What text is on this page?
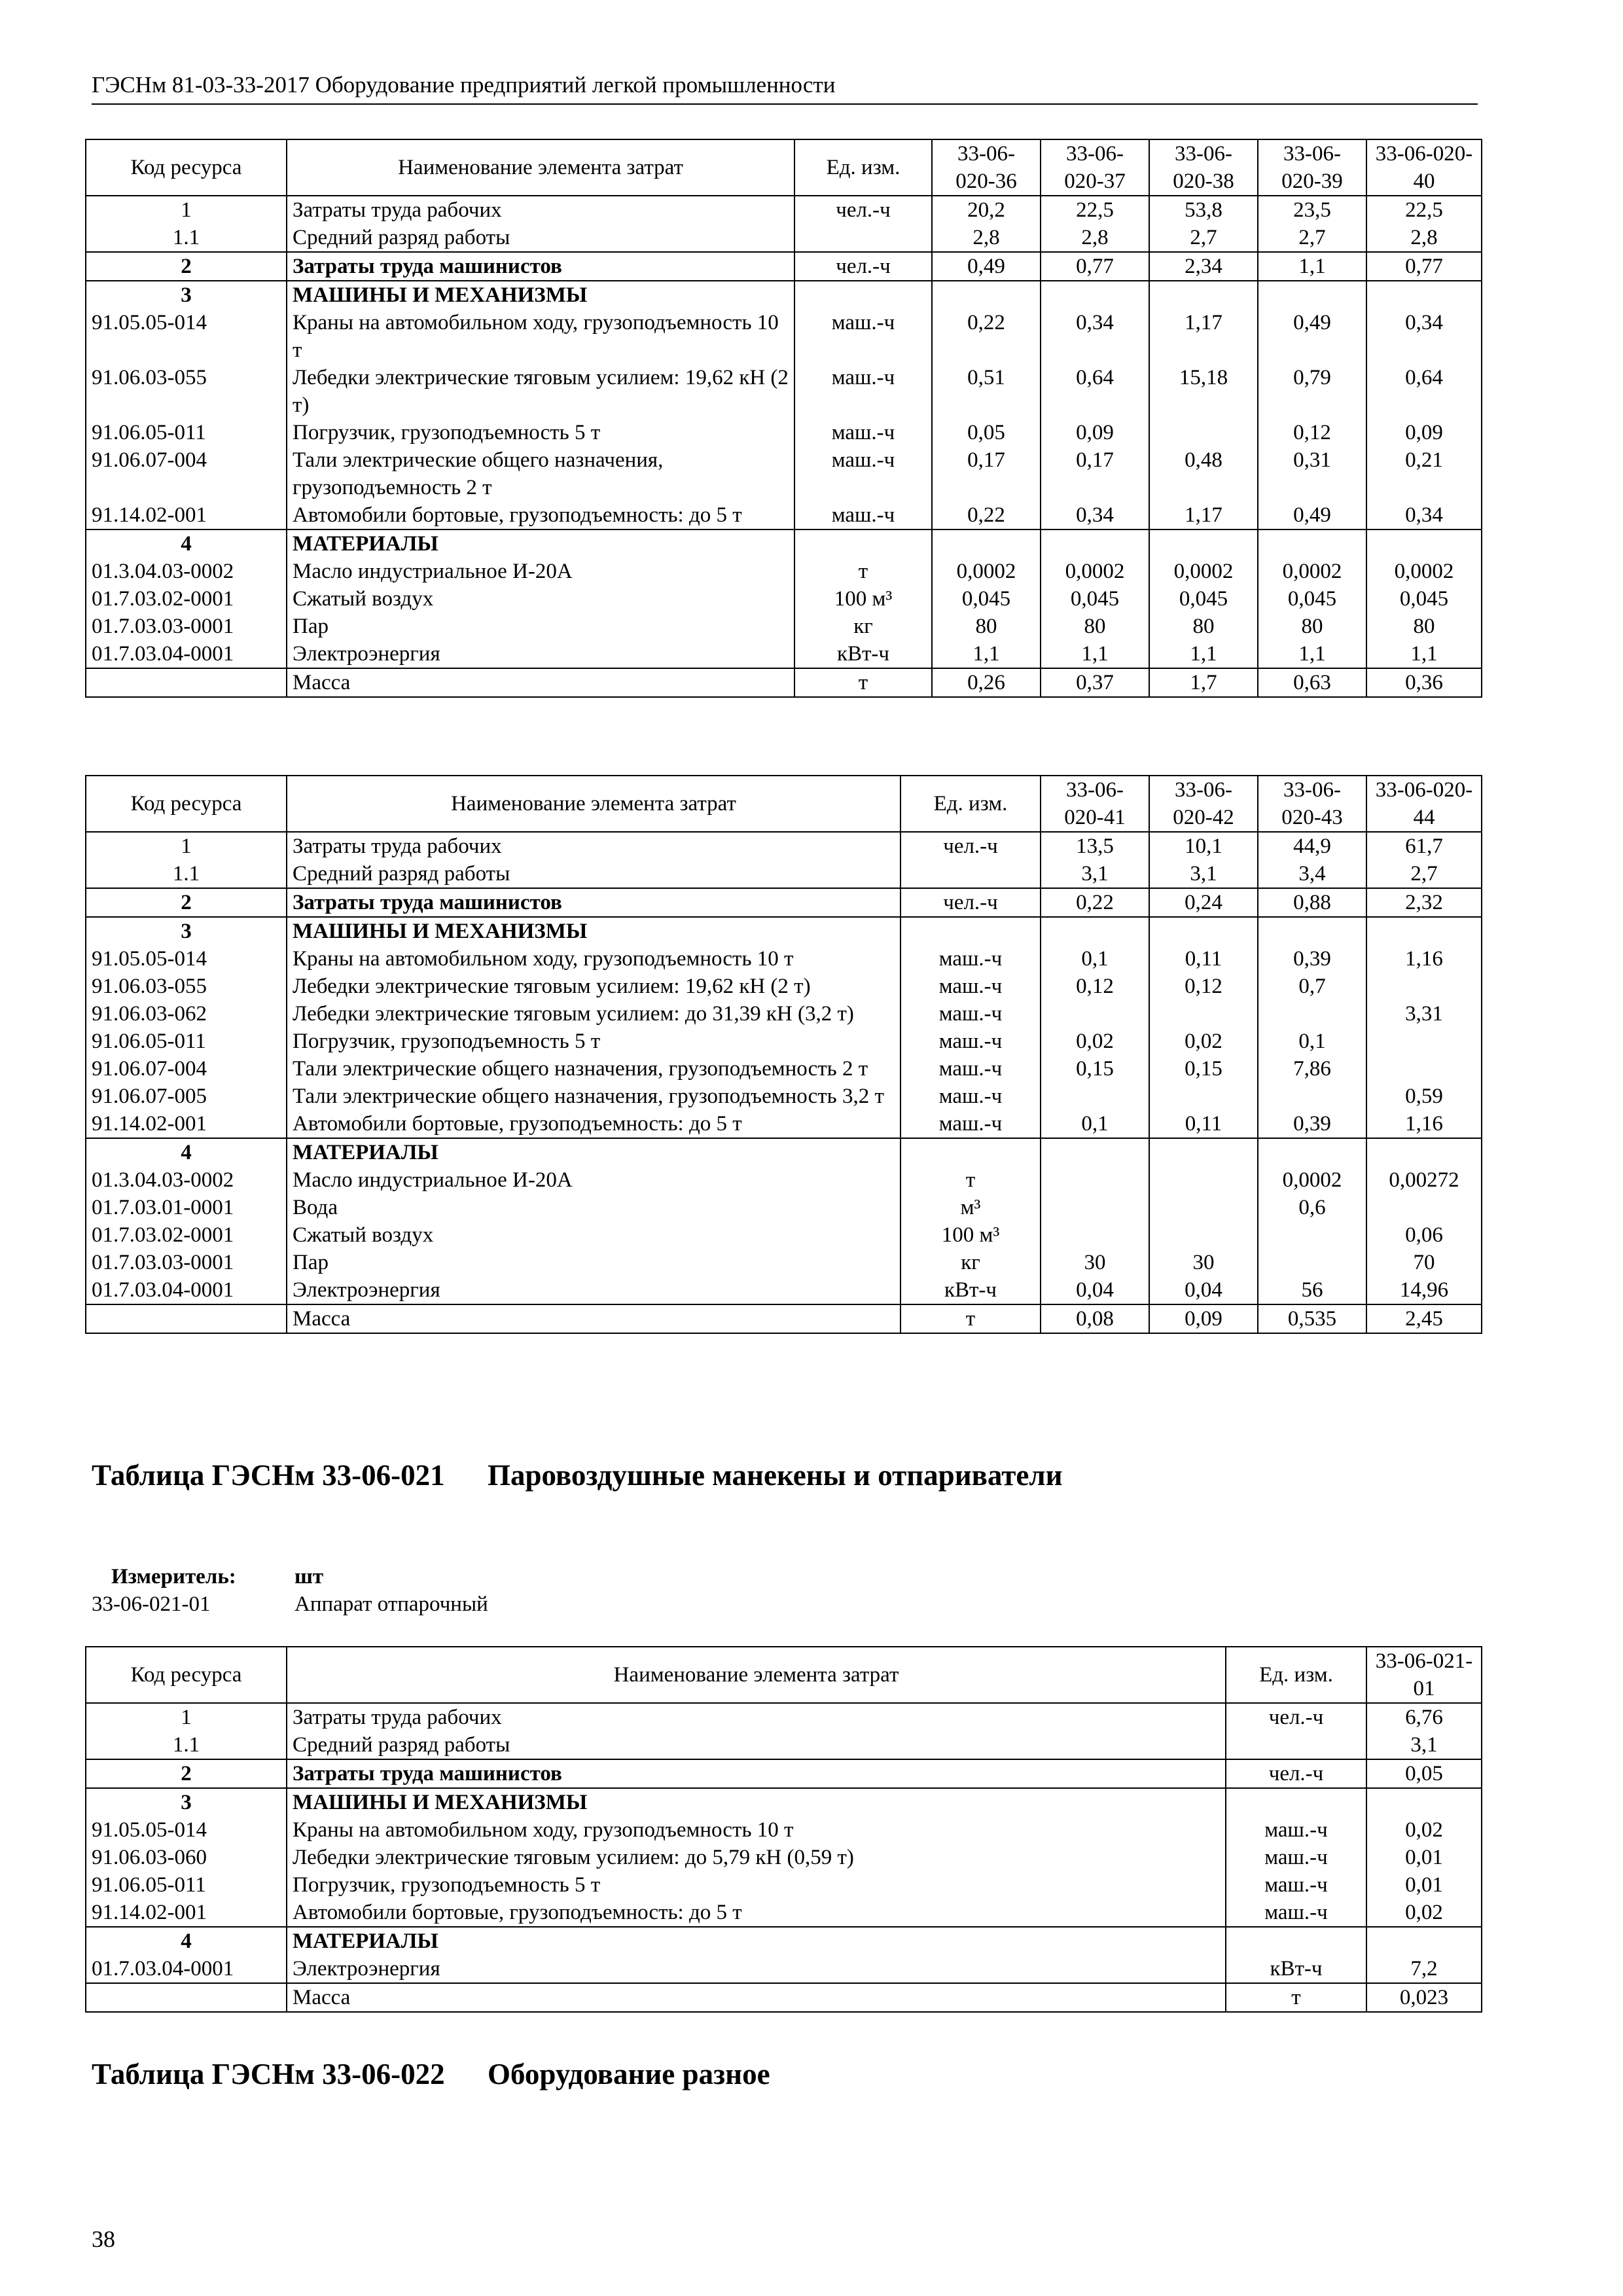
ГЭСНм 81-03-33-2017 Оборудование предприятий легкой промышленности
Код ресурса	Наименование элемента затрат	Ед. изм.	33-06-020-36	33-06-020-37	33-06-020-38	33-06-020-39	33-06-020-40
1	Затраты труда рабочих	чел.-ч	20,2	22,5	53,8	23,5	22,5
1.1	Средний разряд работы		2,8	2,8	2,7	2,7	2,8
2	Затраты труда машинистов	чел.-ч	0,49	0,77	2,34	1,1	0,77
3	МАШИНЫ И МЕХАНИЗМЫ						
91.05.05-014	Краны на автомобильном ходу, грузоподъемность 10 т	маш.-ч	0,22	0,34	1,17	0,49	0,34
91.06.03-055	Лебедки электрические тяговым усилием: 19,62 кН (2 т)	маш.-ч	0,51	0,64	15,18	0,79	0,64
91.06.05-011	Погрузчик, грузоподъемность 5 т	маш.-ч	0,05	0,09		0,12	0,09
91.06.07-004	Тали электрические общего назначения, грузоподъемность 2 т	маш.-ч	0,17	0,17	0,48	0,31	0,21
91.14.02-001	Автомобили бортовые, грузоподъемность: до 5 т	маш.-ч	0,22	0,34	1,17	0,49	0,34
4	МАТЕРИАЛЫ						
01.3.04.03-0002	Масло индустриальное И-20А	т	0,0002	0,0002	0,0002	0,0002	0,0002
01.7.03.02-0001	Сжатый воздух	100 м³	0,045	0,045	0,045	0,045	0,045
01.7.03.03-0001	Пар	кг	80	80	80	80	80
01.7.03.04-0001	Электроэнергия	кВт-ч	1,1	1,1	1,1	1,1	1,1
	Масса	т	0,26	0,37	1,7	0,63	0,36
Код ресурса	Наименование элемента затрат	Ед. изм.	33-06-020-41	33-06-020-42	33-06-020-43	33-06-020-44
1	Затраты труда рабочих	чел.-ч	13,5	10,1	44,9	61,7
1.1	Средний разряд работы		3,1	3,1	3,4	2,7
2	Затраты труда машинистов	чел.-ч	0,22	0,24	0,88	2,32
3	МАШИНЫ И МЕХАНИЗМЫ					
91.05.05-014	Краны на автомобильном ходу, грузоподъемность 10 т	маш.-ч	0,1	0,11	0,39	1,16
91.06.03-055	Лебедки электрические тяговым усилием: 19,62 кН (2 т)	маш.-ч	0,12	0,12	0,7	
91.06.03-062	Лебедки электрические тяговым усилием: до 31,39 кН (3,2 т)	маш.-ч				3,31
91.06.05-011	Погрузчик, грузоподъемность 5 т	маш.-ч	0,02	0,02	0,1	
91.06.07-004	Тали электрические общего назначения, грузоподъемность 2 т	маш.-ч	0,15	0,15	7,86	
91.06.07-005	Тали электрические общего назначения, грузоподъемность 3,2 т	маш.-ч				0,59
91.14.02-001	Автомобили бортовые, грузоподъемность: до 5 т	маш.-ч	0,1	0,11	0,39	1,16
4	МАТЕРИАЛЫ					
01.3.04.03-0002	Масло индустриальное И-20А	т			0,0002	0,00272
01.7.03.01-0001	Вода	м³			0,6	
01.7.03.02-0001	Сжатый воздух	100 м³				0,06
01.7.03.03-0001	Пар	кг	30	30		70
01.7.03.04-0001	Электроэнергия	кВт-ч	0,04	0,04	56	14,96
	Масса	т	0,08	0,09	0,535	2,45
Таблица ГЭСНм 33-06-021	Паровоздушные манекены и отпариватели
Измеритель:	шт
33-06-021-01	Аппарат отпарочный
Код ресурса	Наименование элемента затрат	Ед. изм.	33-06-021-01
1	Затраты труда рабочих	чел.-ч	6,76
1.1	Средний разряд работы		3,1
2	Затраты труда машинистов	чел.-ч	0,05
3	МАШИНЫ И МЕХАНИЗМЫ		
91.05.05-014	Краны на автомобильном ходу, грузоподъемность 10 т	маш.-ч	0,02
91.06.03-060	Лебедки электрические тяговым усилием: до 5,79 кН (0,59 т)	маш.-ч	0,01
91.06.05-011	Погрузчик, грузоподъемность 5 т	маш.-ч	0,01
91.14.02-001	Автомобили бортовые, грузоподъемность: до 5 т	маш.-ч	0,02
4	МАТЕРИАЛЫ		
01.7.03.04-0001	Электроэнергия	кВт-ч	7,2
	Масса	т	0,023
Таблица ГЭСНм 33-06-022	Оборудование разное
38
